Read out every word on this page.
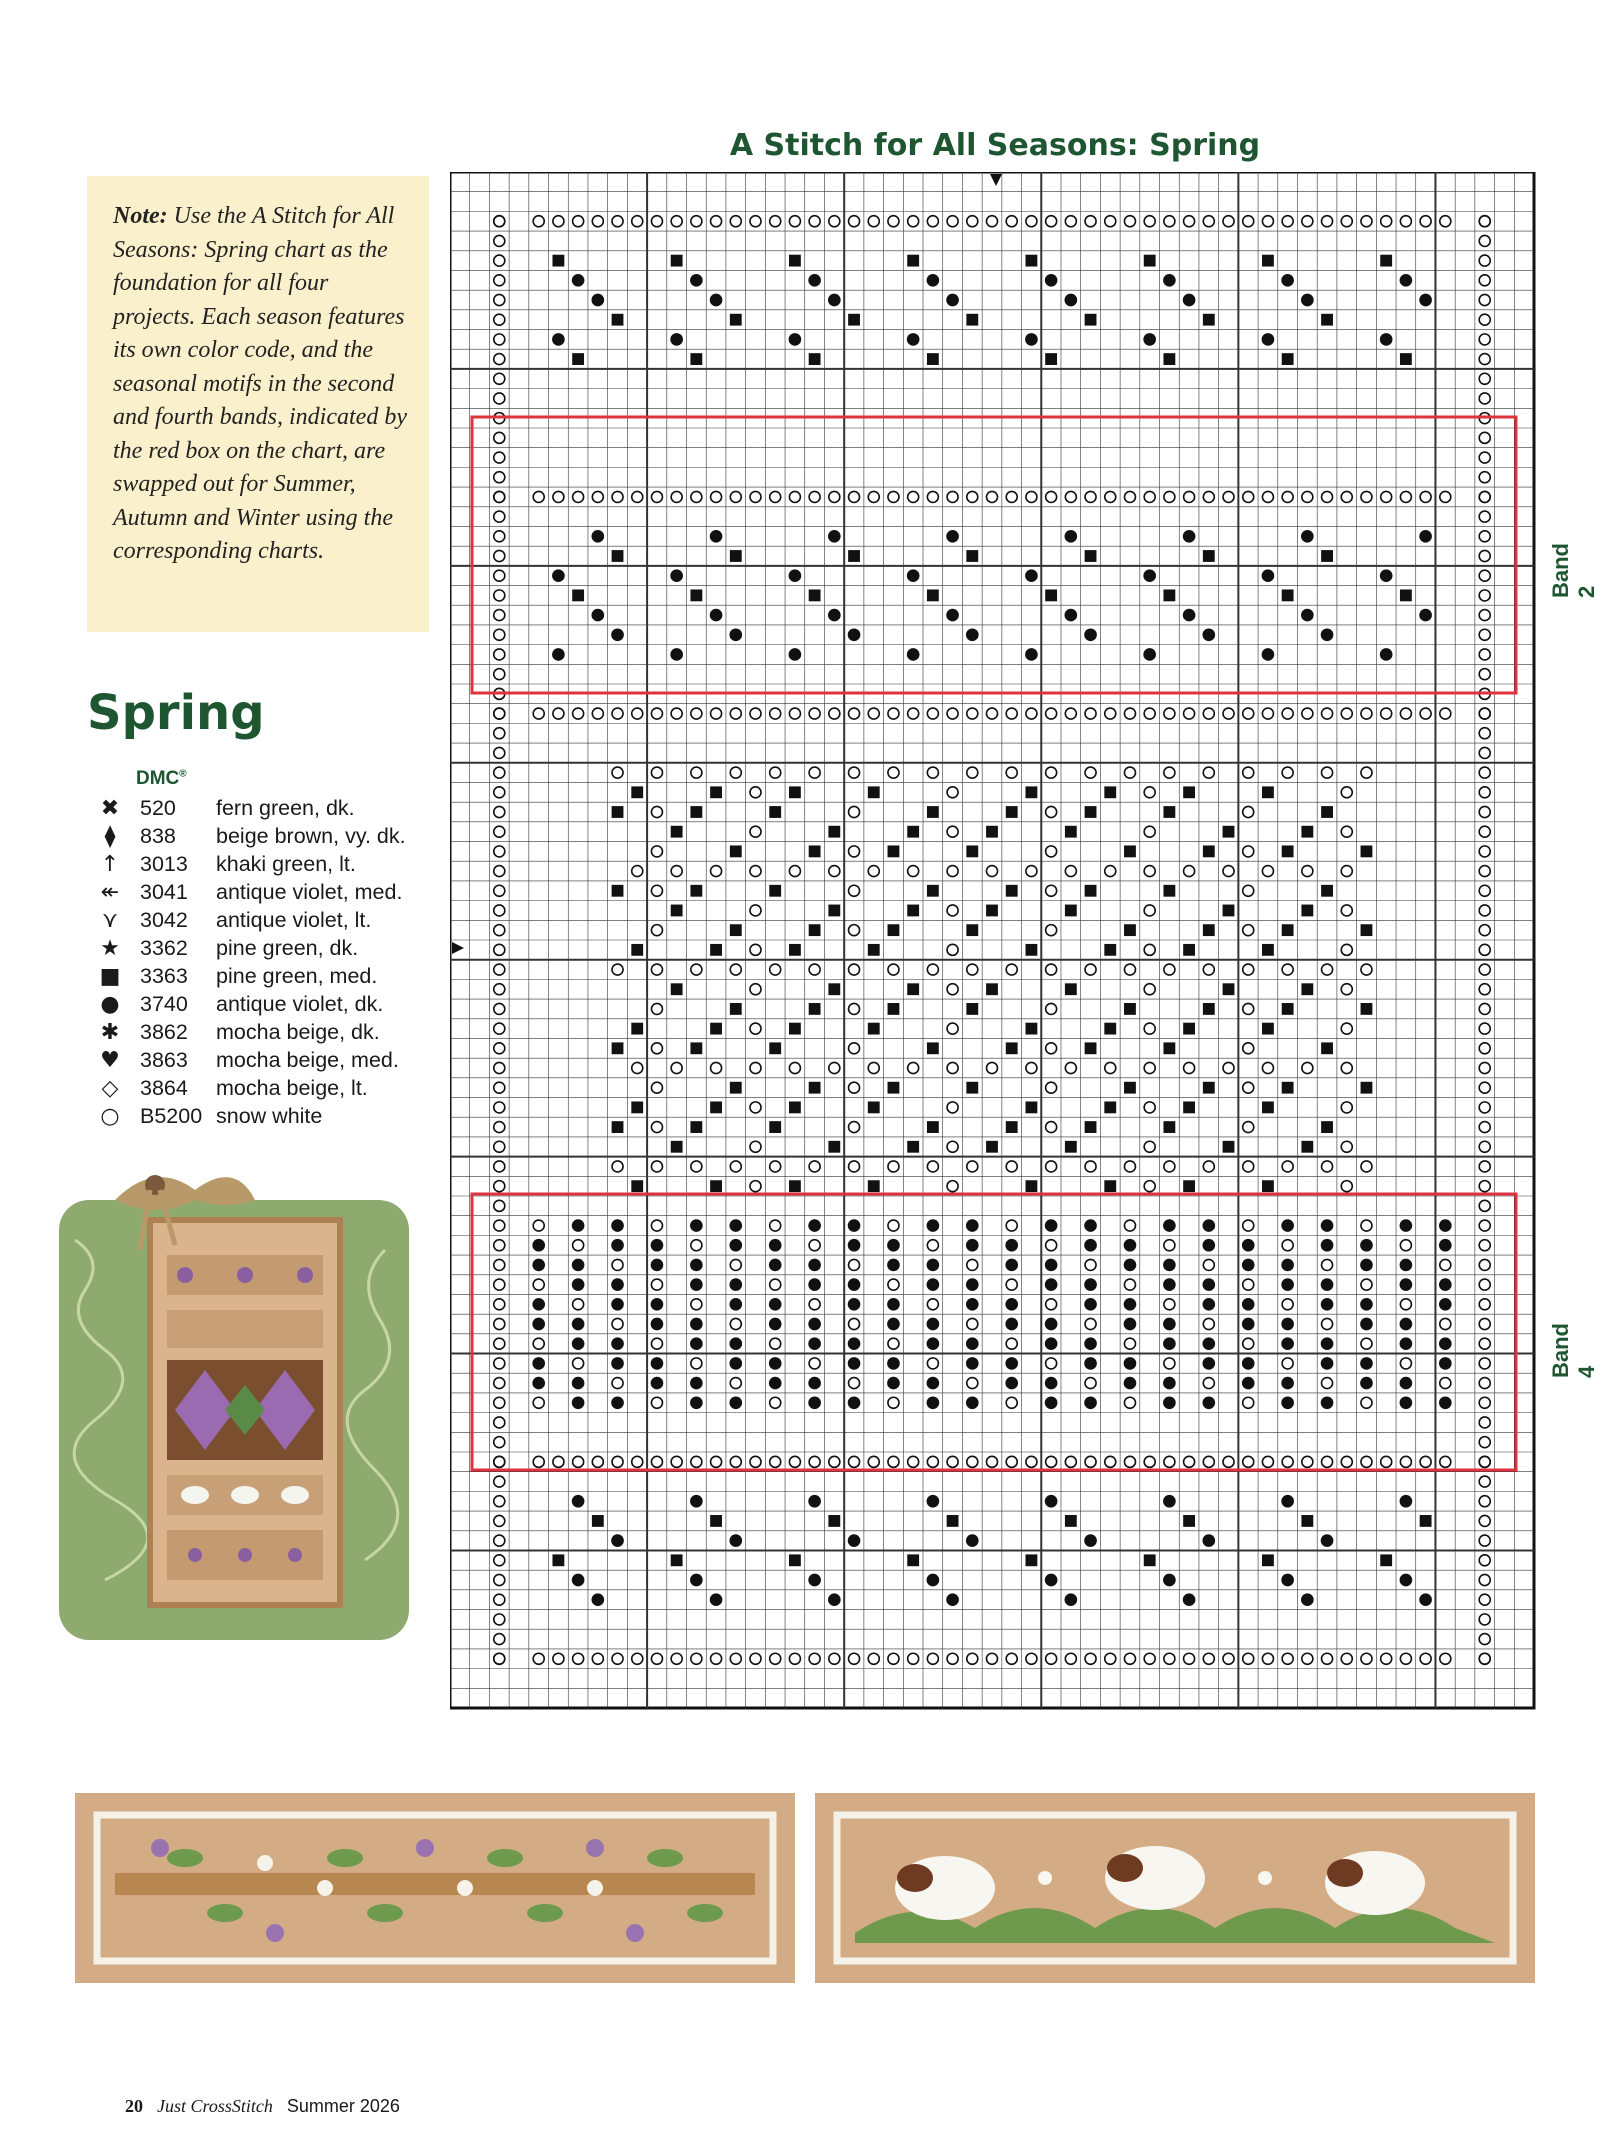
A Stitch for All Seasons: Spring
Note: Use the A Stitch for All Seasons: Spring chart as the foundation for all four projects. Each season features its own color code, and the seasonal motifs in the second and fourth bands, indicated by the red box on the chart, are swapped out for Summer, Autumn and Winter using the corresponding charts.
Spring
DMC®
✖ 520	fern green, dk.
⧫	838	beige brown, vy. dk.
↑ 3013	khaki green, lt.
↞ 3041	antique violet, med.
⋎	3042	antique violet, lt.
★ 3362	pine green, dk.
■ 3363	pine green, med.
● 3740	antique violet, dk.
✱ 3862	mocha beige, dk.
♥ 3863	mocha beige, med.
◇	3864	mocha beige, lt.
○ B5200 snow white
Band 2
Band 4
20 Just CrossStitch Summer 2026
